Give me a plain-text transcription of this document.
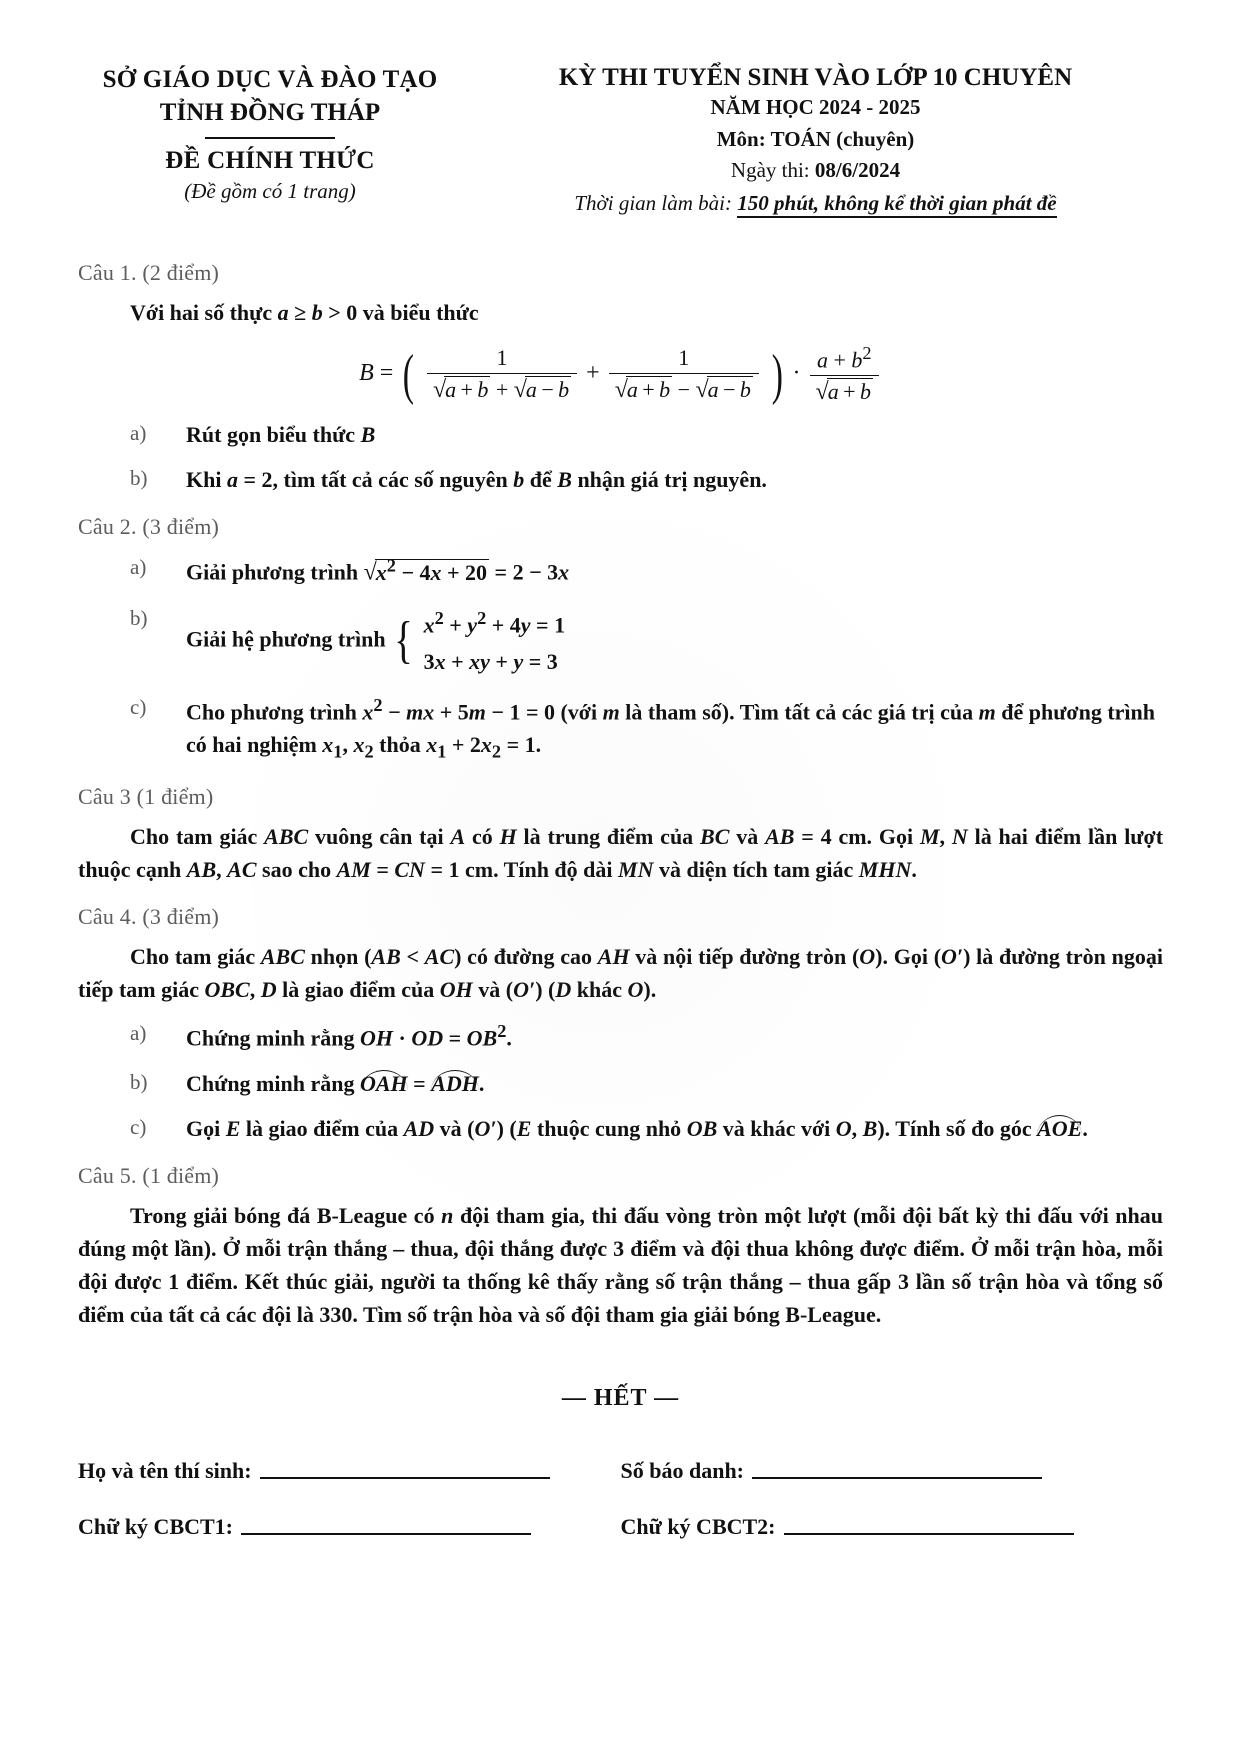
SỞ GIÁO DỤC VÀ ĐÀO TẠO
TỈNH ĐỒNG THÁP
ĐỀ CHÍNH THỨC
(Đề gồm có 1 trang)
KỲ THI TUYỂN SINH VÀO LỚP 10 CHUYÊN
NĂM HỌC 2024 - 2025
Môn: TOÁN (chuyên)
Ngày thi: 08/6/2024
Thời gian làm bài: 150 phút, không kể thời gian phát đề
Câu 1. (2 điểm)
Với hai số thực a ≥ b > 0 và biểu thức
B = ( $\frac{1}{√a + b + √a - b} + \frac{1}{√a + b - √a - b}$ ) · $\frac{a + b^2}{√a + b}$
a)	Rút gọn biểu thức B
b)	Khi a = 2, tìm tất cả các số nguyên b để B nhận giá trị nguyên.
Câu 2. (3 điểm)
a)	Giải phương trình $√x^2 - 4x + 20 = 2 - 3x$
b)
Giải hệ phương trình { $x^2 + y^2 + 4y = 1$
3x + xy + y = 3
c)	Cho phương trình $x^2$ − mx + 5m − 1 = 0 (với m là tham số). Tìm tất cả các giá trị của m để phương trình có hai nghiệm $x_1$, $x_2$ thỏa $x_1 + 2x_2 = 1$.
Câu 3 (1 điểm)
Cho tam giác ABC vuông cân tại A có H là trung điểm của BC và AB = 4 cm. Gọi M, N là hai điểm lần lượt thuộc cạnh AB, AC sao cho AM = CN = 1 cm. Tính độ dài MN và diện tích tam giác MHN.
Câu 4. (3 điểm)
Cho tam giác ABC nhọn (AB < AC) có đường cao AH và nội tiếp đường tròn (O). Gọi (O′) là đường tròn ngoại tiếp tam giác OBC, D là giao điểm của OH và (O′) (D khác O).
a)	Chứng minh rằng OH · OD = $OB^2$.
b)	Chứng minh rằng OAH = ADH.
c)	Gọi E là giao điểm của AD và (O′) (E thuộc cung nhỏ OB và khác với O, B). Tính số đo góc AOE.
Câu 5. (1 điểm)
Trong giải bóng đá B-League có n đội tham gia, thi đấu vòng tròn một lượt (mỗi đội bất kỳ thi đấu với nhau đúng một lần). Ở mỗi trận thắng – thua, đội thắng được 3 điểm và đội thua không được điểm. Ở mỗi trận hòa, mỗi đội được 1 điểm. Kết thúc giải, người ta thống kê thấy rằng số trận thắng – thua gấp 3 lần số trận hòa và tổng số điểm của tất cả các đội là 330. Tìm số trận hòa và số đội tham gia giải bóng B-League.
— HẾT —
Họ và tên thí sinh:	Số báo danh:
Chữ ký CBCT1:	Chữ ký CBCT2:
